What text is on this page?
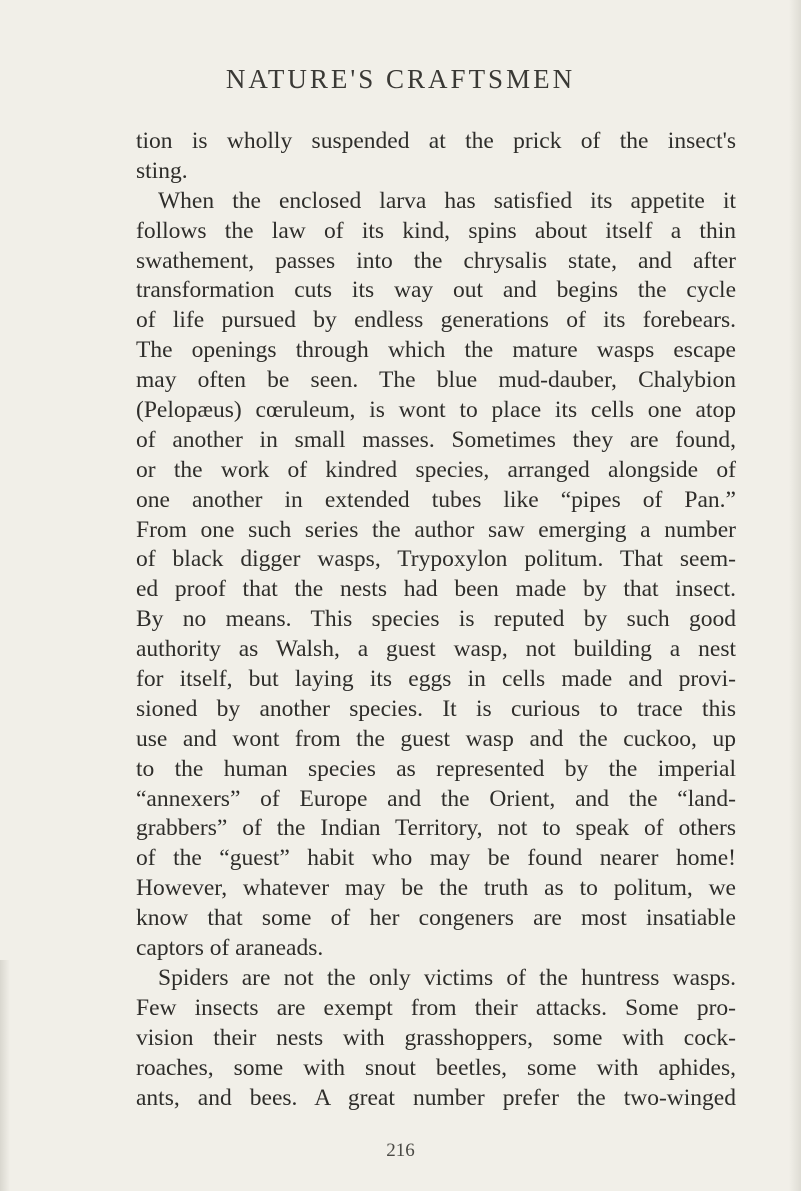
NATURE'S CRAFTSMEN
tion is wholly suspended at the prick of the insect's
sting.
When the enclosed larva has satisfied its appetite it
follows the law of its kind, spins about itself a thin
swathement, passes into the chrysalis state, and after
transformation cuts its way out and begins the cycle
of life pursued by endless generations of its forebears.
The openings through which the mature wasps escape
may often be seen. The blue mud-dauber, Chalybion
(Pelopæus) cœruleum, is wont to place its cells one atop
of another in small masses. Sometimes they are found,
or the work of kindred species, arranged alongside of
one another in extended tubes like “pipes of Pan.”
From one such series the author saw emerging a number
of black digger wasps, Trypoxylon politum. That seem-
ed proof that the nests had been made by that insect.
By no means. This species is reputed by such good
authority as Walsh, a guest wasp, not building a nest
for itself, but laying its eggs in cells made and provi-
sioned by another species. It is curious to trace this
use and wont from the guest wasp and the cuckoo, up
to the human species as represented by the imperial
“annexers” of Europe and the Orient, and the “land-
grabbers” of the Indian Territory, not to speak of others
of the “guest” habit who may be found nearer home!
However, whatever may be the truth as to politum, we
know that some of her congeners are most insatiable
captors of araneads.
Spiders are not the only victims of the huntress wasps.
Few insects are exempt from their attacks. Some pro-
vision their nests with grasshoppers, some with cock-
roaches, some with snout beetles, some with aphides,
ants, and bees. A great number prefer the two-winged
216
